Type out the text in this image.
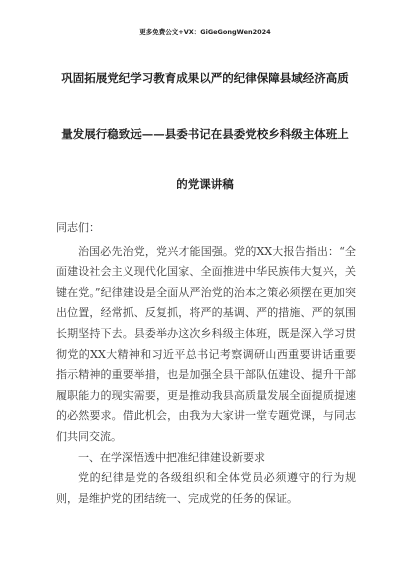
更多免费公文+VX：GiGeGongWen2024
巩固拓展党纪学习教育成果以严的纪律保障县域经济高质
量发展行稳致远——县委书记在县委党校乡科级主体班上
的党课讲稿

同志们：

治国必先治党，党兴才能国强。党的XX大报告指出：“全面建设社会主义现代化国家、全面推进中华民族伟大复兴，关键在党。”纪律建设是全面从严治党的治本之策必须摆在更加突出位置，经常抓、反复抓，将严的基调、严的措施、严的氛围长期坚持下去。县委举办这次乡科级主体班，既是深入学习贯彻党的XX大精神和习近平总书记考察调研山西重要讲话重要指示精神的重要举措，也是加强全县干部队伍建设、提升干部履职能力的现实需要，更是推动我县高质量发展全面提质提速的必然要求。借此机会，由我为大家讲一堂专题党课，与同志们共同交流。

一、在学深悟透中把准纪律建设新要求

党的纪律是党的各级组织和全体党员必须遵守的行为规则，是维护党的团结统一、完成党的任务的保证。
